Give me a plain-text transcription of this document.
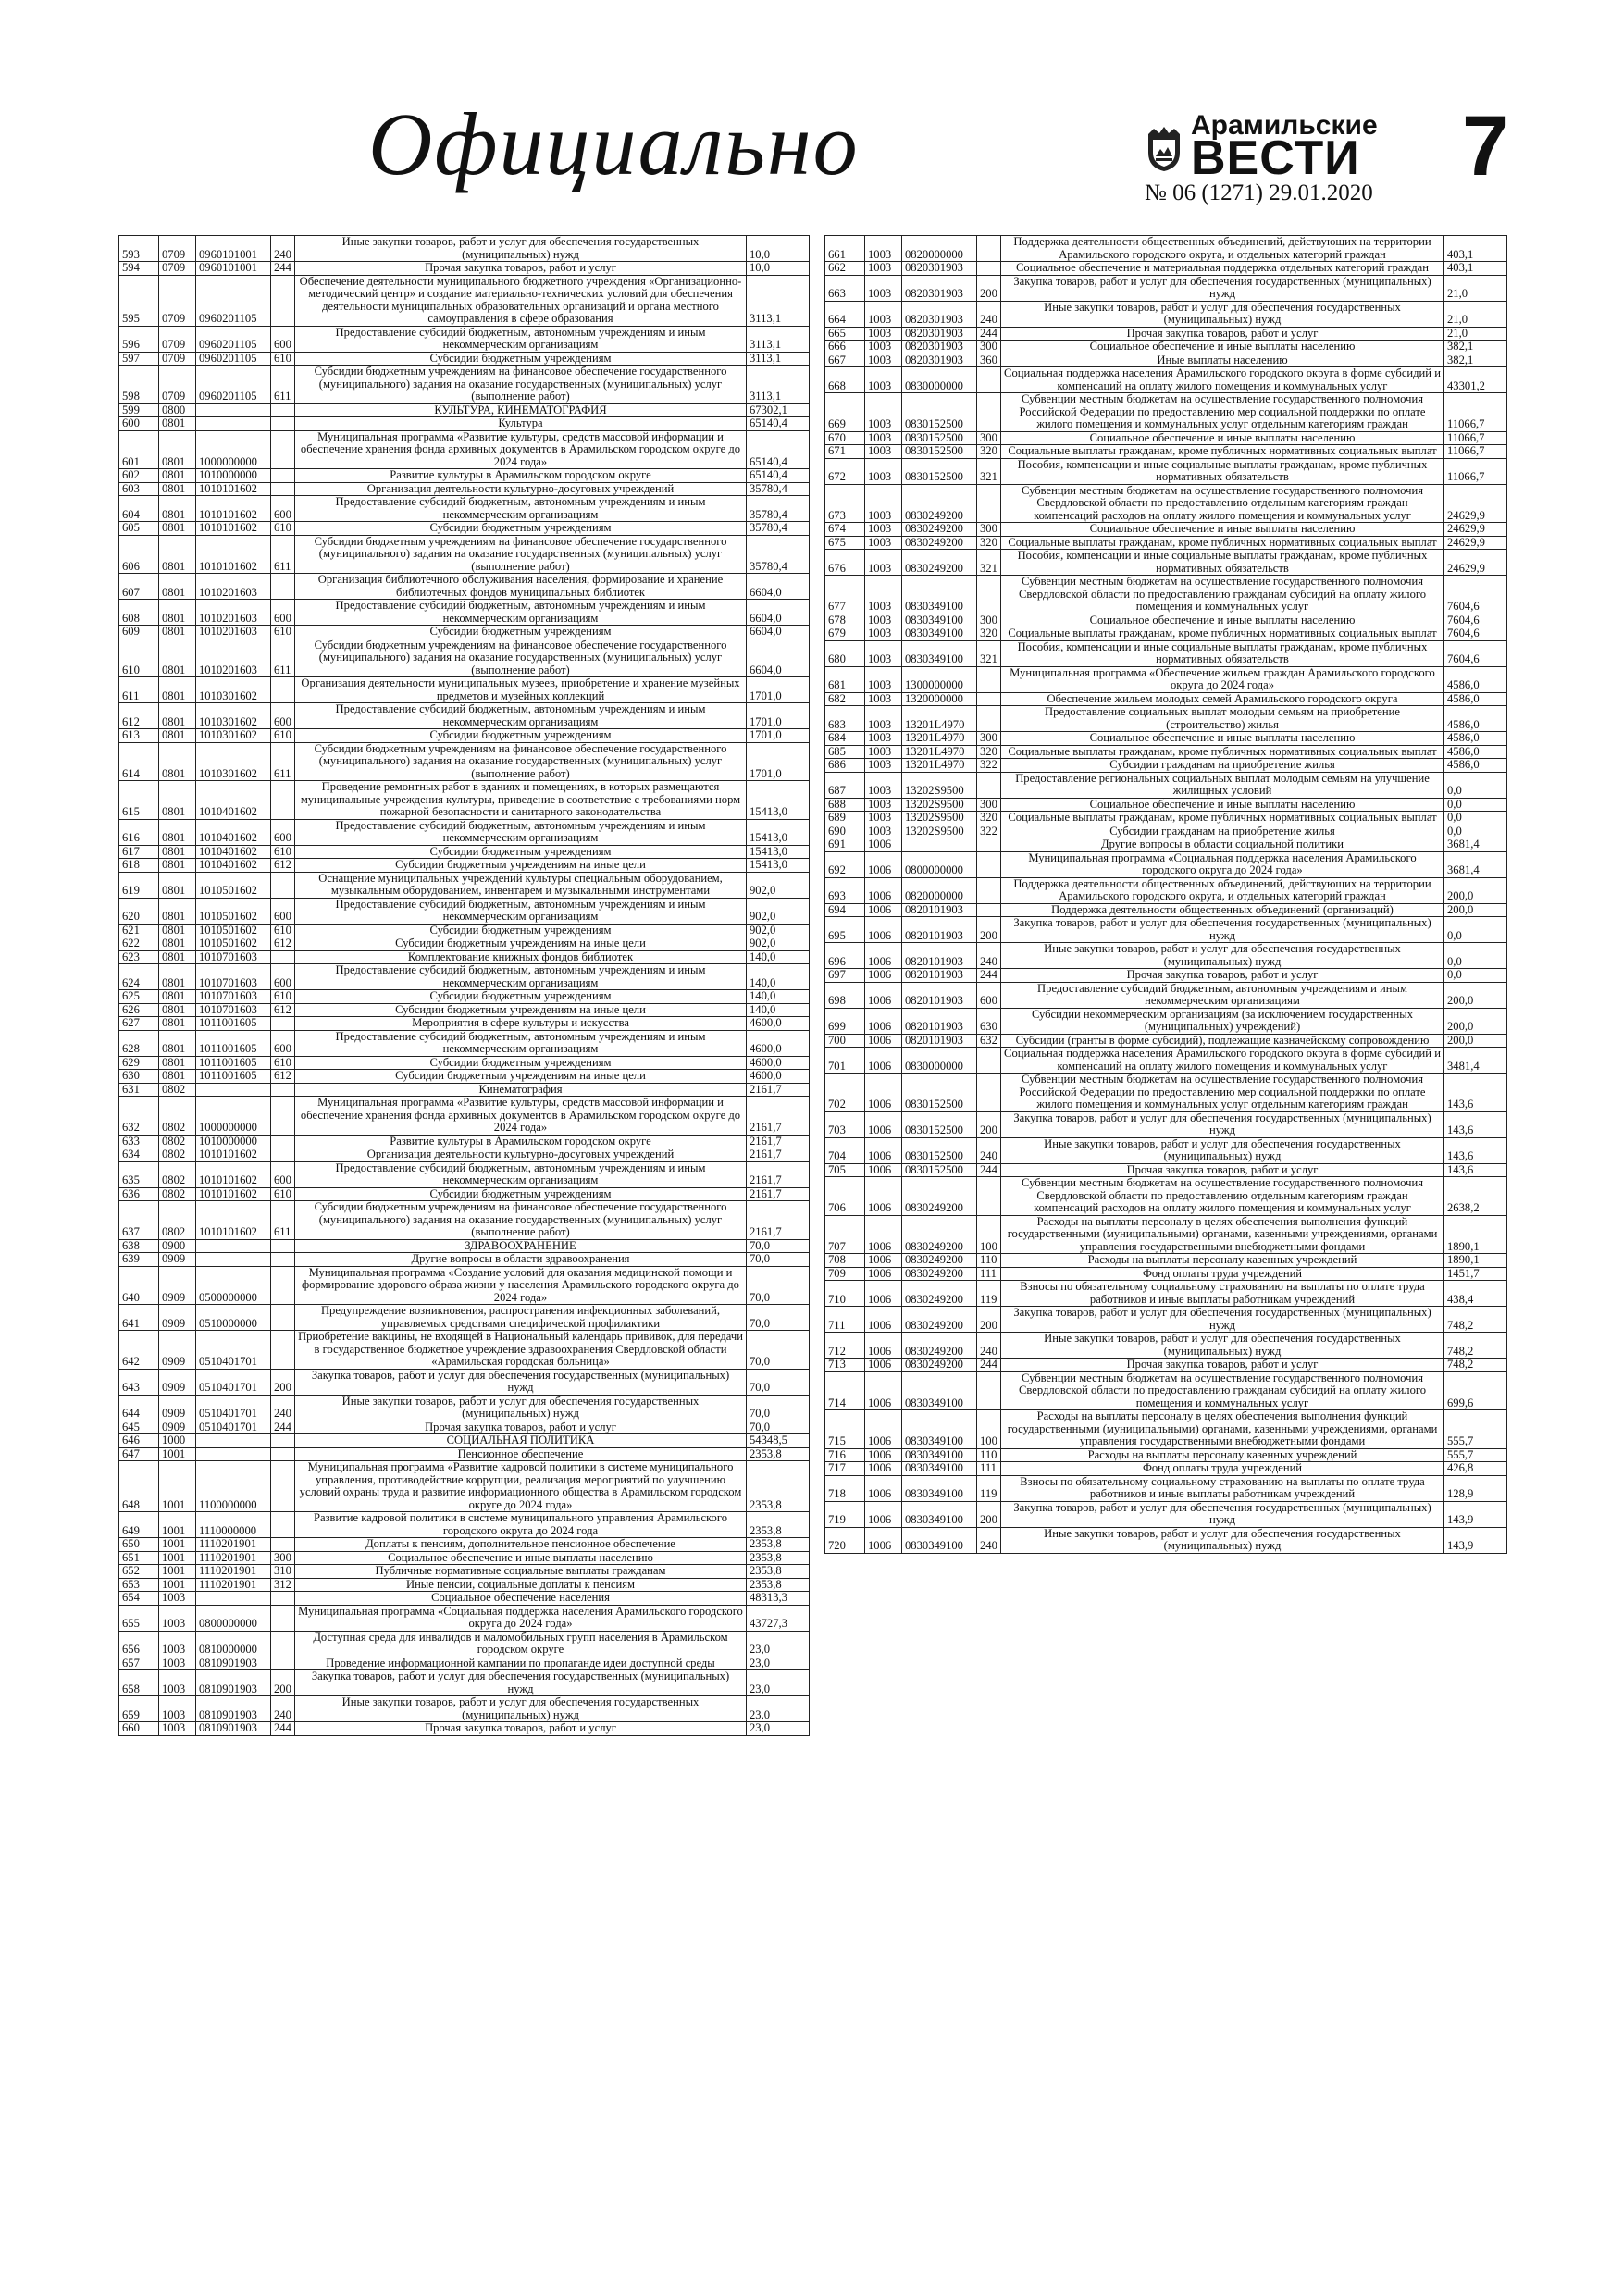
Официально	Арамильские
ВЕСТИ
№ 06 (1271) 29.01.2020 7
593	0709	0960101001	240	Иные закупки товаров, работ и услуг для обеспечения государственных (муниципальных) нужд	10,0
594	0709	0960101001	244	Прочая закупка товаров, работ и услуг	10,0
595	0709	0960201105		Обеспечение деятельности муниципального бюджетного учреждения «Организационно-методический центр» и создание материально-технических условий для обеспечения деятельности муниципальных образовательных организаций и органа местного самоуправления в сфере образования	3113,1
596	0709	0960201105	600	Предоставление субсидий бюджетным, автономным учреждениям и иным некоммерческим организациям	3113,1
597	0709	0960201105	610	Субсидии бюджетным учреждениям	3113,1
598	0709	0960201105	611	Субсидии бюджетным учреждениям на финансовое обеспечение государственного (муниципального) задания на оказание государственных (муниципальных) услуг (выполнение работ)	3113,1
599	0800			КУЛЬТУРА, КИНЕМАТОГРАФИЯ	67302,1
600	0801			Культура	65140,4
601	0801	1000000000		Муниципальная программа «Развитие культуры, средств массовой информации и обеспечение хранения фонда архивных документов в Арамильском городском округе до 2024 года»	65140,4
602	0801	1010000000		Развитие культуры в Арамильском городском округе	65140,4
603	0801	1010101602		Организация деятельности культурно-досуговых учреждений	35780,4
604	0801	1010101602	600	Предоставление субсидий бюджетным, автономным учреждениям и иным некоммерческим организациям	35780,4
605	0801	1010101602	610	Субсидии бюджетным учреждениям	35780,4
606	0801	1010101602	611	Субсидии бюджетным учреждениям на финансовое обеспечение государственного (муниципального) задания на оказание государственных (муниципальных) услуг (выполнение работ)	35780,4
607	0801	1010201603		Организация библиотечного обслуживания населения, формирование и хранение библиотечных фондов муниципальных библиотек	6604,0
608	0801	1010201603	600	Предоставление субсидий бюджетным, автономным учреждениям и иным некоммерческим организациям	6604,0
609	0801	1010201603	610	Субсидии бюджетным учреждениям	6604,0
610	0801	1010201603	611	Субсидии бюджетным учреждениям на финансовое обеспечение государственного (муниципального) задания на оказание государственных (муниципальных) услуг (выполнение работ)	6604,0
611	0801	1010301602		Организация деятельности муниципальных музеев, приобретение и хранение музейных предметов и музейных коллекций	1701,0
612	0801	1010301602	600	Предоставление субсидий бюджетным, автономным учреждениям и иным некоммерческим организациям	1701,0
613	0801	1010301602	610	Субсидии бюджетным учреждениям	1701,0
614	0801	1010301602	611	Субсидии бюджетным учреждениям на финансовое обеспечение государственного (муниципального) задания на оказание государственных (муниципальных) услуг (выполнение работ)	1701,0
615	0801	1010401602		Проведение ремонтных работ в зданиях и помещениях, в которых размещаются муниципальные учреждения культуры, приведение в соответствие с требованиями норм пожарной безопасности и санитарного законодательства	15413,0
616	0801	1010401602	600	Предоставление субсидий бюджетным, автономным учреждениям и иным некоммерческим организациям	15413,0
617	0801	1010401602	610	Субсидии бюджетным учреждениям	15413,0
618	0801	1010401602	612	Субсидии бюджетным учреждениям на иные цели	15413,0
619	0801	1010501602		Оснащение муниципальных учреждений культуры специальным оборудованием, музыкальным оборудованием, инвентарем и музыкальными инструментами	902,0
620	0801	1010501602	600	Предоставление субсидий бюджетным, автономным учреждениям и иным некоммерческим организациям	902,0
621	0801	1010501602	610	Субсидии бюджетным учреждениям	902,0
622	0801	1010501602	612	Субсидии бюджетным учреждениям на иные цели	902,0
623	0801	1010701603		Комплектование книжных фондов библиотек	140,0
624	0801	1010701603	600	Предоставление субсидий бюджетным, автономным учреждениям и иным некоммерческим организациям	140,0
625	0801	1010701603	610	Субсидии бюджетным учреждениям	140,0
626	0801	1010701603	612	Субсидии бюджетным учреждениям на иные цели	140,0
627	0801	1011001605		Мероприятия в сфере культуры и искусства	4600,0
628	0801	1011001605	600	Предоставление субсидий бюджетным, автономным учреждениям и иным некоммерческим организациям	4600,0
629	0801	1011001605	610	Субсидии бюджетным учреждениям	4600,0
630	0801	1011001605	612	Субсидии бюджетным учреждениям на иные цели	4600,0
631	0802			Кинематография	2161,7
632	0802	1000000000		Муниципальная программа «Развитие культуры, средств массовой информации и обеспечение хранения фонда архивных документов в Арамильском городском округе до 2024 года»	2161,7
633	0802	1010000000		Развитие культуры в Арамильском городском округе	2161,7
634	0802	1010101602		Организация деятельности культурно-досуговых учреждений	2161,7
635	0802	1010101602	600	Предоставление субсидий бюджетным, автономным учреждениям и иным некоммерческим организациям	2161,7
636	0802	1010101602	610	Субсидии бюджетным учреждениям	2161,7
637	0802	1010101602	611	Субсидии бюджетным учреждениям на финансовое обеспечение государственного (муниципального) задания на оказание государственных (муниципальных) услуг (выполнение работ)	2161,7
638	0900			ЗДРАВООХРАНЕНИЕ	70,0
639	0909			Другие вопросы в области здравоохранения	70,0
640	0909	0500000000		Муниципальная программа «Создание условий для оказания медицинской помощи и формирование здорового образа жизни у населения Арамильского городского округа до 2024 года»	70,0
641	0909	0510000000		Предупреждение возникновения, распространения инфекционных заболеваний, управляемых средствами специфической профилактики	70,0
642	0909	0510401701		Приобретение вакцины, не входящей в Национальный календарь прививок, для передачи в государственное бюджетное учреждение здравоохранения Свердловской области «Арамильская городская больница»	70,0
643	0909	0510401701	200	Закупка товаров, работ и услуг для обеспечения государственных (муниципальных) нужд	70,0
644	0909	0510401701	240	Иные закупки товаров, работ и услуг для обеспечения государственных (муниципальных) нужд	70,0
645	0909	0510401701	244	Прочая закупка товаров, работ и услуг	70,0
646	1000			СОЦИАЛЬНАЯ ПОЛИТИКА	54348,5
647	1001			Пенсионное обеспечение	2353,8
648	1001	1100000000		Муниципальная программа «Развитие кадровой политики в системе муниципального управления, противодействие коррупции, реализация мероприятий по улучшению условий охраны труда и развитие информационного общества в Арамильском городском округе до 2024 года»	2353,8
649	1001	1110000000		Развитие кадровой политики в системе муниципального управления Арамильского городского округа до 2024 года	2353,8
650	1001	1110201901		Доплаты к пенсиям, дополнительное пенсионное обеспечение	2353,8
651	1001	1110201901	300	Социальное обеспечение и иные выплаты населению	2353,8
652	1001	1110201901	310	Публичные нормативные социальные выплаты гражданам	2353,8
653	1001	1110201901	312	Иные пенсии, социальные доплаты к пенсиям	2353,8
654	1003			Социальное обеспечение населения	48313,3
655	1003	0800000000		Муниципальная программа «Социальная поддержка населения Арамильского городского округа до 2024 года»	43727,3
656	1003	0810000000		Доступная среда для инвалидов и маломобильных групп населения в Арамильском городском округе	23,0
657	1003	0810901903		Проведение информационной кампании по пропаганде идеи доступной среды	23,0
658	1003	0810901903	200	Закупка товаров, работ и услуг для обеспечения государственных (муниципальных) нужд	23,0
659	1003	0810901903	240	Иные закупки товаров, работ и услуг для обеспечения государственных (муниципальных) нужд	23,0
660	1003	0810901903	244	Прочая закупка товаров, работ и услуг	23,0
661	1003	0820000000		Поддержка деятельности общественных объединений, действующих на территории Арамильского городского округа, и отдельных категорий граждан	403,1
662	1003	0820301903		Социальное обеспечение и материальная поддержка отдельных категорий граждан	403,1
663	1003	0820301903	200	Закупка товаров, работ и услуг для обеспечения государственных (муниципальных) нужд	21,0
664	1003	0820301903	240	Иные закупки товаров, работ и услуг для обеспечения государственных (муниципальных) нужд	21,0
665	1003	0820301903	244	Прочая закупка товаров, работ и услуг	21,0
666	1003	0820301903	300	Социальное обеспечение и иные выплаты населению	382,1
667	1003	0820301903	360	Иные выплаты населению	382,1
668	1003	0830000000		Социальная поддержка населения Арамильского городского округа в форме субсидий и компенсаций на оплату жилого помещения и коммунальных услуг	43301,2
669	1003	0830152500		Субвенции местным бюджетам на осуществление государственного полномочия Российской Федерации по предоставлению мер социальной поддержки по оплате жилого помещения и коммунальных услуг отдельным категориям граждан	11066,7
670	1003	0830152500	300	Социальное обеспечение и иные выплаты населению	11066,7
671	1003	0830152500	320	Социальные выплаты гражданам, кроме публичных нормативных социальных выплат	11066,7
672	1003	0830152500	321	Пособия, компенсации и иные социальные выплаты гражданам, кроме публичных нормативных обязательств	11066,7
673	1003	0830249200		Субвенции местным бюджетам на осуществление государственного полномочия Свердловской области по предоставлению отдельным категориям граждан компенсаций расходов на оплату жилого помещения и коммунальных услуг	24629,9
674	1003	0830249200	300	Социальное обеспечение и иные выплаты населению	24629,9
675	1003	0830249200	320	Социальные выплаты гражданам, кроме публичных нормативных социальных выплат	24629,9
676	1003	0830249200	321	Пособия, компенсации и иные социальные выплаты гражданам, кроме публичных нормативных обязательств	24629,9
677	1003	0830349100		Субвенции местным бюджетам на осуществление государственного полномочия Свердловской области по предоставлению гражданам субсидий на оплату жилого помещения и коммунальных услуг	7604,6
678	1003	0830349100	300	Социальное обеспечение и иные выплаты населению	7604,6
679	1003	0830349100	320	Социальные выплаты гражданам, кроме публичных нормативных социальных выплат	7604,6
680	1003	0830349100	321	Пособия, компенсации и иные социальные выплаты гражданам, кроме публичных нормативных обязательств	7604,6
681	1003	1300000000		Муниципальная программа «Обеспечение жильем граждан Арамильского городского округа до 2024 года»	4586,0
682	1003	1320000000		Обеспечение жильем молодых семей Арамильского городского округа	4586,0
683	1003	13201L4970		Предоставление социальных выплат молодым семьям на приобретение (строительство) жилья	4586,0
684	1003	13201L4970	300	Социальное обеспечение и иные выплаты населению	4586,0
685	1003	13201L4970	320	Социальные выплаты гражданам, кроме публичных нормативных социальных выплат	4586,0
686	1003	13201L4970	322	Субсидии гражданам на приобретение жилья	4586,0
687	1003	13202S9500		Предоставление региональных социальных выплат молодым семьям на улучшение жилищных условий	0,0
688	1003	13202S9500	300	Социальное обеспечение и иные выплаты населению	0,0
689	1003	13202S9500	320	Социальные выплаты гражданам, кроме публичных нормативных социальных выплат	0,0
690	1003	13202S9500	322	Субсидии гражданам на приобретение жилья	0,0
691	1006			Другие вопросы в области социальной политики	3681,4
692	1006	0800000000		Муниципальная программа «Социальная поддержка населения Арамильского городского округа до 2024 года»	3681,4
693	1006	0820000000		Поддержка деятельности общественных объединений, действующих на территории Арамильского городского округа, и отдельных категорий граждан	200,0
694	1006	0820101903		Поддержка деятельности общественных объединений (организаций)	200,0
695	1006	0820101903	200	Закупка товаров, работ и услуг для обеспечения государственных (муниципальных) нужд	0,0
696	1006	0820101903	240	Иные закупки товаров, работ и услуг для обеспечения государственных (муниципальных) нужд	0,0
697	1006	0820101903	244	Прочая закупка товаров, работ и услуг	0,0
698	1006	0820101903	600	Предоставление субсидий бюджетным, автономным учреждениям и иным некоммерческим организациям	200,0
699	1006	0820101903	630	Субсидии некоммерческим организациям (за исключением государственных (муниципальных) учреждений)	200,0
700	1006	0820101903	632	Субсидии (гранты в форме субсидий), подлежащие казначейскому сопровождению	200,0
701	1006	0830000000		Социальная поддержка населения Арамильского городского округа в форме субсидий и компенсаций на оплату жилого помещения и коммунальных услуг	3481,4
702	1006	0830152500		Субвенции местным бюджетам на осуществление государственного полномочия Российской Федерации по предоставлению мер социальной поддержки по оплате жилого помещения и коммунальных услуг отдельным категориям граждан	143,6
703	1006	0830152500	200	Закупка товаров, работ и услуг для обеспечения государственных (муниципальных) нужд	143,6
704	1006	0830152500	240	Иные закупки товаров, работ и услуг для обеспечения государственных (муниципальных) нужд	143,6
705	1006	0830152500	244	Прочая закупка товаров, работ и услуг	143,6
706	1006	0830249200		Субвенции местным бюджетам на осуществление государственного полномочия Свердловской области по предоставлению отдельным категориям граждан компенсаций расходов на оплату жилого помещения и коммунальных услуг	2638,2
707	1006	0830249200	100	Расходы на выплаты персоналу в целях обеспечения выполнения функций государственными (муниципальными) органами, казенными учреждениями, органами управления государственными внебюджетными фондами	1890,1
708	1006	0830249200	110	Расходы на выплаты персоналу казенных учреждений	1890,1
709	1006	0830249200	111	Фонд оплаты труда учреждений	1451,7
710	1006	0830249200	119	Взносы по обязательному социальному страхованию на выплаты по оплате труда работников и иные выплаты работникам учреждений	438,4
711	1006	0830249200	200	Закупка товаров, работ и услуг для обеспечения государственных (муниципальных) нужд	748,2
712	1006	0830249200	240	Иные закупки товаров, работ и услуг для обеспечения государственных (муниципальных) нужд	748,2
713	1006	0830249200	244	Прочая закупка товаров, работ и услуг	748,2
714	1006	0830349100		Субвенции местным бюджетам на осуществление государственного полномочия Свердловской области по предоставлению гражданам субсидий на оплату жилого помещения и коммунальных услуг	699,6
715	1006	0830349100	100	Расходы на выплаты персоналу в целях обеспечения выполнения функций государственными (муниципальными) органами, казенными учреждениями, органами управления государственными внебюджетными фондами	555,7
716	1006	0830349100	110	Расходы на выплаты персоналу казенных учреждений	555,7
717	1006	0830349100	111	Фонд оплаты труда учреждений	426,8
718	1006	0830349100	119	Взносы по обязательному социальному страхованию на выплаты по оплате труда работников и иные выплаты работникам учреждений	128,9
719	1006	0830349100	200	Закупка товаров, работ и услуг для обеспечения государственных (муниципальных) нужд	143,9
720	1006	0830349100	240	Иные закупки товаров, работ и услуг для обеспечения государственных (муниципальных) нужд	143,9
